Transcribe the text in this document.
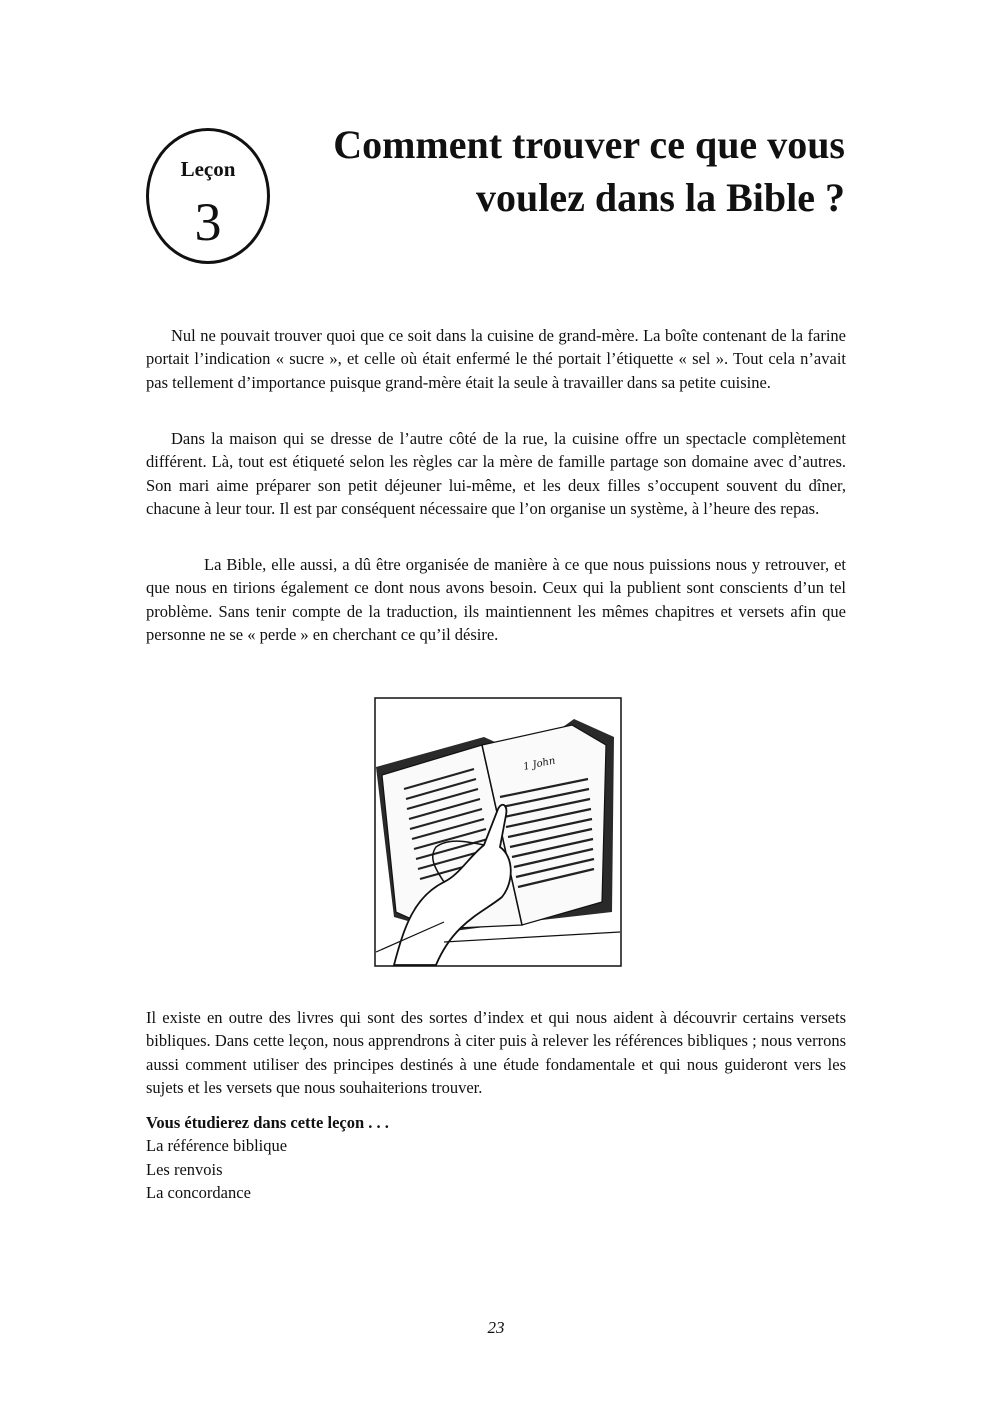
Leçon
3
Comment trouver ce que vous
voulez dans la Bible ?

Nul ne pouvait trouver quoi que ce soit dans la cuisine de grand-mère. La boîte contenant de la farine portait l’indication « sucre », et celle où était enfermé le thé portait l’étiquette « sel ». Tout cela n’avait pas tellement d’importance puisque grand-mère était la seule à travailler dans sa petite cuisine.

Dans la maison qui se dresse de l’autre côté de la rue, la cuisine offre un spectacle complètement différent. Là, tout est étiqueté selon les règles car la mère de famille partage son domaine avec d’autres. Son mari aime préparer son petit déjeuner lui-même, et les deux filles s’occupent souvent du dîner, chacune à leur tour. Il est par conséquent nécessaire que l’on organise un système, à l’heure des repas.

La Bible, elle aussi, a dû être organisée de manière à ce que nous puissions nous y retrouver, et que nous en tirions également ce dont nous avons besoin. Ceux qui la publient sont conscients d’un tel problème. Sans tenir compte de la traduction, ils maintiennent les mêmes chapitres et versets afin que personne ne se « perde » en cherchant ce qu’il désire.

1 John

Il existe en outre des livres qui sont des sortes d’index et qui nous aident à découvrir certains versets bibliques. Dans cette leçon, nous apprendrons à citer puis à relever les références bibliques ; nous verrons aussi comment utiliser des principes destinés à une étude fondamentale et qui nous guideront vers les sujets et les versets que nous souhaiterions trouver.

Vous étudierez dans cette leçon . . .
La référence biblique
Les renvois
La concordance
23
